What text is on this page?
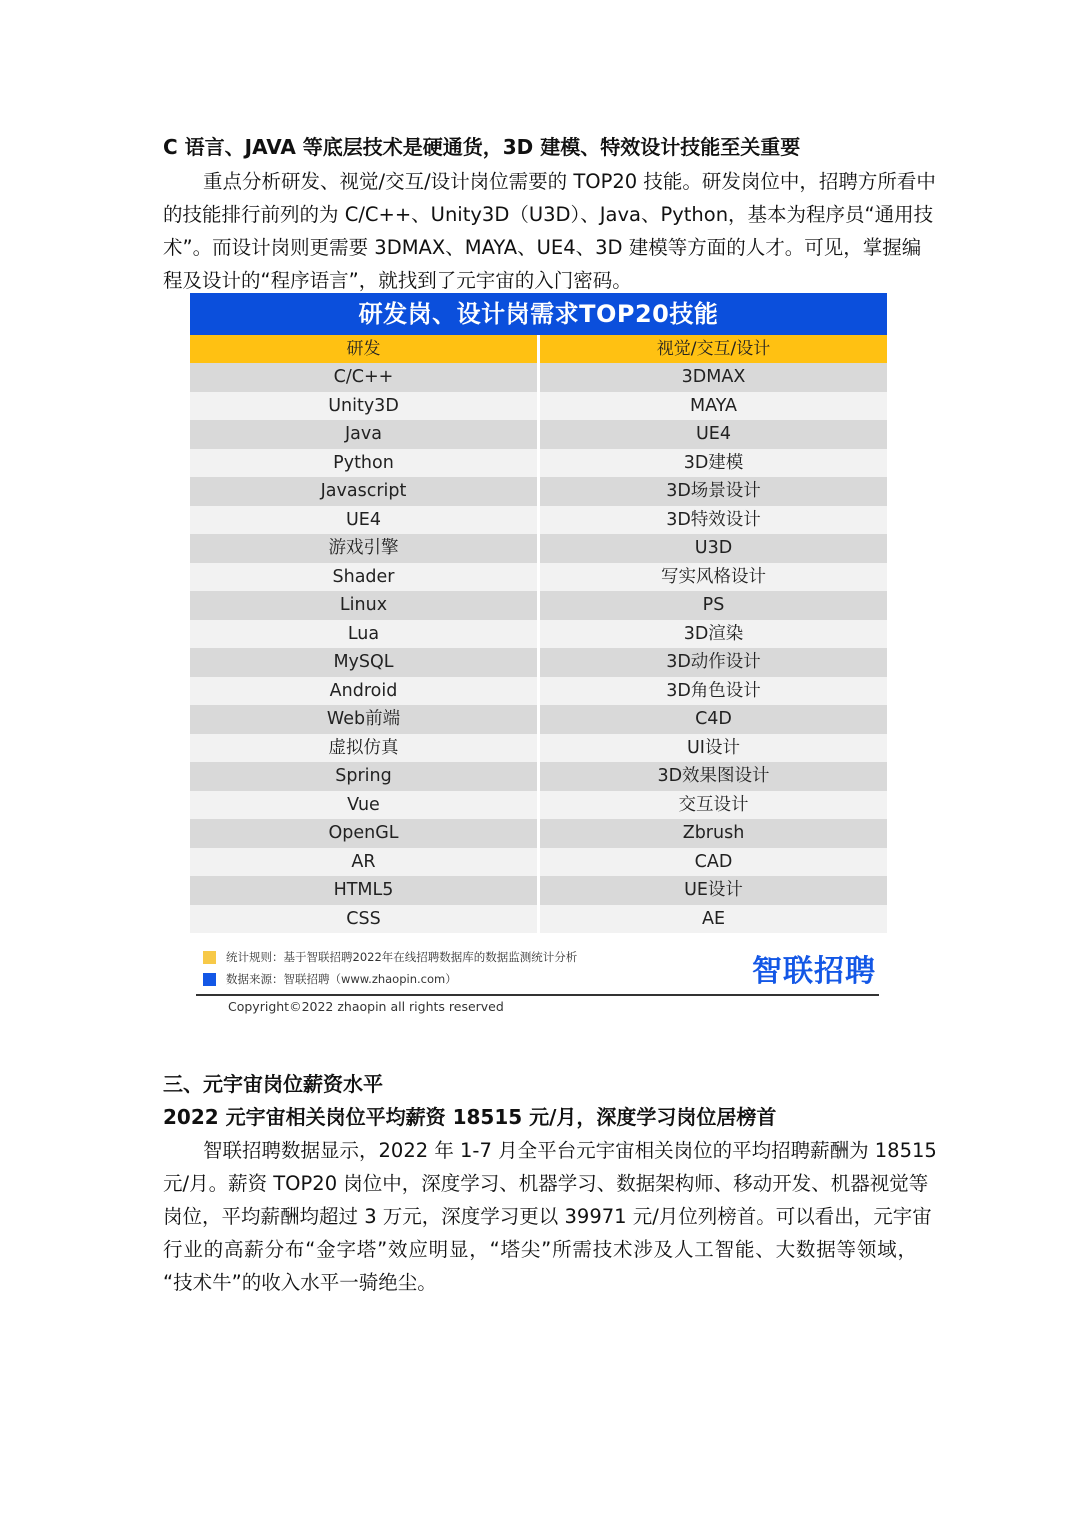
C 语言、JAVA 等底层技术是硬通货，3D 建模、特效设计技能至关重要
重点分析研发、视觉/交互/设计岗位需要的 TOP20 技能。研发岗位中，招聘方所看中
的技能排行前列的为 C/C++、Unity3D（U3D）、Java、Python，基本为程序员“通用技
术”。而设计岗则更需要 3DMAX、MAYA、UE4、3D 建模等方面的人才。可见，掌握编
程及设计的“程序语言”，就找到了元宇宙的入门密码。
研发岗、设计岗需求TOP20技能
研发	视觉/交互/设计
C/C++	3DMAX
Unity3D	MAYA
Java	UE4
Python	3D建模
Javascript	3D场景设计
UE4	3D特效设计
游戏引擎	U3D
Shader	写实风格设计
Linux	PS
Lua	3D渲染
MySQL	3D动作设计
Android	3D角色设计
Web前端	C4D
虚拟仿真	UI设计
Spring	3D效果图设计
Vue	交互设计
OpenGL	Zbrush
AR	CAD
HTML5	UE设计
CSS	AE
统计规则：基于智联招聘2022年在线招聘数据库的数据监测统计分析
数据来源：智联招聘（www.zhaopin.com）	智联招聘
Copyright©2022 zhaopin all rights reserved
三、元宇宙岗位薪资水平
2022 元宇宙相关岗位平均薪资 18515 元/月，深度学习岗位居榜首
智联招聘数据显示，2022 年 1-7 月全平台元宇宙相关岗位的平均招聘薪酬为 18515
元/月。薪资 TOP20 岗位中，深度学习、机器学习、数据架构师、移动开发、机器视觉等
岗位，平均薪酬均超过 3 万元，深度学习更以 39971 元/月位列榜首。可以看出，元宇宙
行业的高薪分布“金字塔”效应明显，“塔尖”所需技术涉及人工智能、大数据等领域，
“技术牛”的收入水平一骑绝尘。
